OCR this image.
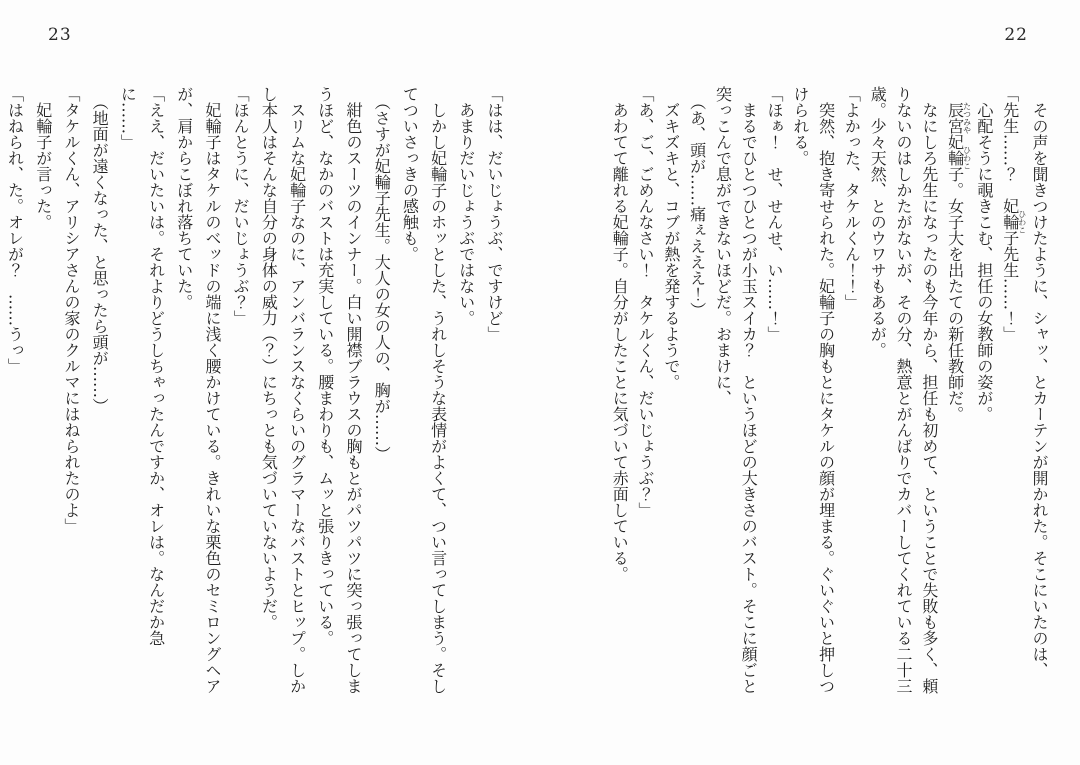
23	22

　その声を聞きつけたように、シャッ、とカーテンが開かれた。そこにいたのは、

「先生……？　妃輪子ひわこ先生……！」

　心配そうに覗きこむ、担任の女教師の姿が。

　辰宮たつみや妃輪子ひわこ。女子大を出たての新任教師だ。

　なにしろ先生になったのも今年から、担任も初めて、ということで失敗も多く、頼

りないのはしかたがないが、その分、熱意とがんばりでカバーしてくれている二十三

歳。少々天然、とのウワサもあるが。

「よかった、タケルくん！！」

　突然、抱き寄せられた。妃輪子の胸もとにタケルの顔が埋まる。ぐいぐいと押しつ

けられる。

「ほぁ！　せ、せんせ、い……！」

　まるでひとつひとつが小玉スイカ？　というほどの大きさのバスト。そこに顔ごと

突っこんで息ができないほどだ。おまけに、

　（あ、頭が……痛ぇえええ！）

　ズキズキと、コブが熱を発するようで。

「あ、ご、ごめんなさい！　タケルくん、だいじょうぶ？」

　あわてて離れる妃輪子。自分がしたことに気づいて赤面している。

「はは、だいじょうぶ、ですけど」

　あまりだいじょうぶではない。

　しかし妃輪子のホッとした、うれしそうな表情がよくて、つい言ってしまう。そし

てついさっきの感触も。

　（さすが妃輪子先生。大人の女の人の、胸が……）

　紺色のスーツのインナー。白い開襟ブラウスの胸もとがパツパツに突っ張ってしま

うほど、なかのバストは充実している。腰まわりも、ムッと張りきっている。

　スリムな妃輪子なのに、アンバランスなくらいのグラマーなバストとヒップ。しか

し本人はそんな自分の身体の威力（？）にちっとも気づいていないようだ。

「ほんとうに、だいじょうぶ？」

　妃輪子はタケルのベッドの端に浅く腰かけている。きれいな栗色のセミロングヘア

が、肩からこぼれ落ちていた。

「ええ、だいたいは。それよりどうしちゃったんですか、オレは。なんだか急に……」

　（地面が遠くなった、と思ったら頭が……）

「タケルくん、アリシアさんの家のクルマにはねられたのよ」

　妃輪子が言った。

「はねられ、た。オレが？　……うっ」
